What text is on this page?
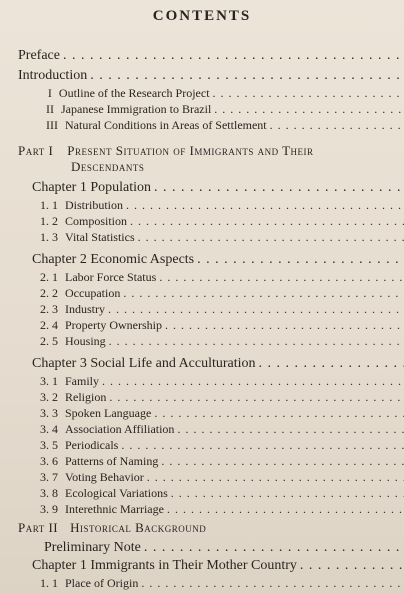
CONTENTS
Preface
. . .
Introduction
. . .
I Outline of the Research Project
. . .
II Japanese Immigration to Brazil
. . .
III Natural Conditions in Areas of Settlement
. . .
Part I Present Situation of Immigrants and Their
Descendants
Chapter 1 Population
. . .
1. 1 Distribution
. . .
1. 2 Composition
. . .
1. 3 Vital Statistics
. . .
Chapter 2 Economic Aspects
. . .
2. 1 Labor Force Status
. . .
2. 2 Occupation
. . .
2. 3 Industry
. . .
2. 4 Property Ownership
. . .
2. 5 Housing
. . .
Chapter 3 Social Life and Acculturation
. . .
3. 1 Family
. . .
3. 2 Religion
. . .
3. 3 Spoken Language
. . .
3. 4 Association Affiliation
. . .
3. 5 Periodicals
. . .
3. 6 Patterns of Naming
. . .
3. 7 Voting Behavior
. . .
3. 8 Ecological Variations
. . .
3. 9 Interethnic Marriage
. . .
Part II Historical Background
Preliminary Note
. . .
Chapter 1 Immigrants in Their Mother Country
. . .
1. 1 Place of Origin
. . .
